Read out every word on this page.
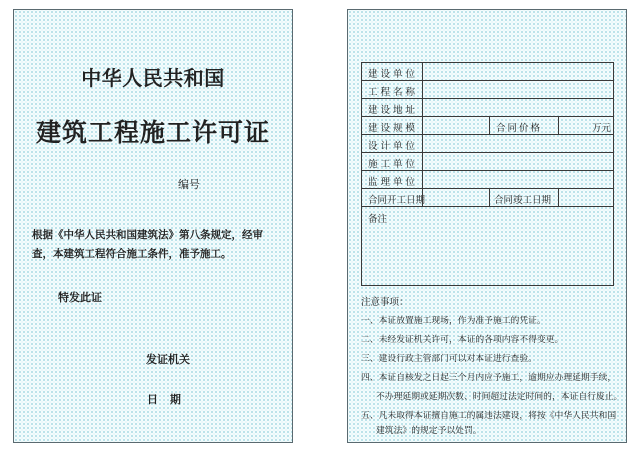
中华人民共和国
建筑工程施工许可证
编号
根据《中华人民共和国建筑法》第八条规定，经审查，本建筑工程符合施工条件，准予施工。
特发此证
发证机关
日 期
建设单位
工程名称
建设地址
建设规模	合同价格	万元
设计单位
施工单位
监理单位
合同开工日期	合同竣工日期
备注
注意事项：
一、本证放置施工现场，作为准予施工的凭证。
二、未经发证机关许可，本证的各项内容不得变更。
三、建设行政主管部门可以对本证进行查验。
四、本证自核发之日起三个月内应予施工，逾期应办理延期手续，
不办理延期或延期次数、时间超过法定时间的，本证自行废止。
五、凡未取得本证擅自施工的属违法建设，将按《中华人民共和国
建筑法》的规定予以处罚。
